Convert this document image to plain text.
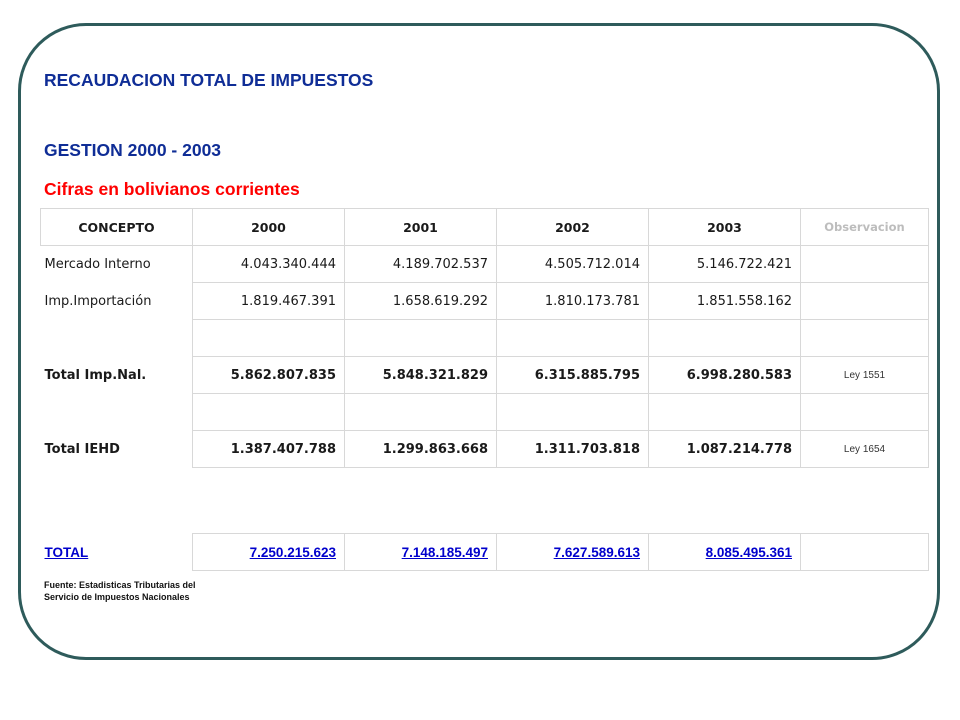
RECAUDACION TOTAL DE IMPUESTOS
GESTION 2000 - 2003
Cifras en bolivianos corrientes
CONCEPTO	2000	2001	2002	2003	Observacion
Mercado Interno	4.043.340.444	4.189.702.537	4.505.712.014	5.146.722.421	
Imp.Importación	1.819.467.391	1.658.619.292	1.810.173.781	1.851.558.162	

Total Imp.Nal.	5.862.807.835	5.848.321.829	6.315.885.795	6.998.280.583	Ley 1551

Total IEHD	1.387.407.788	1.299.863.668	1.311.703.818	1.087.214.778	Ley 1654

TOTAL	7.250.215.623	7.148.185.497	7.627.589.613	8.085.495.361	
Fuente: Estadisticas Tributarias del Servicio de Impuestos Nacionales
